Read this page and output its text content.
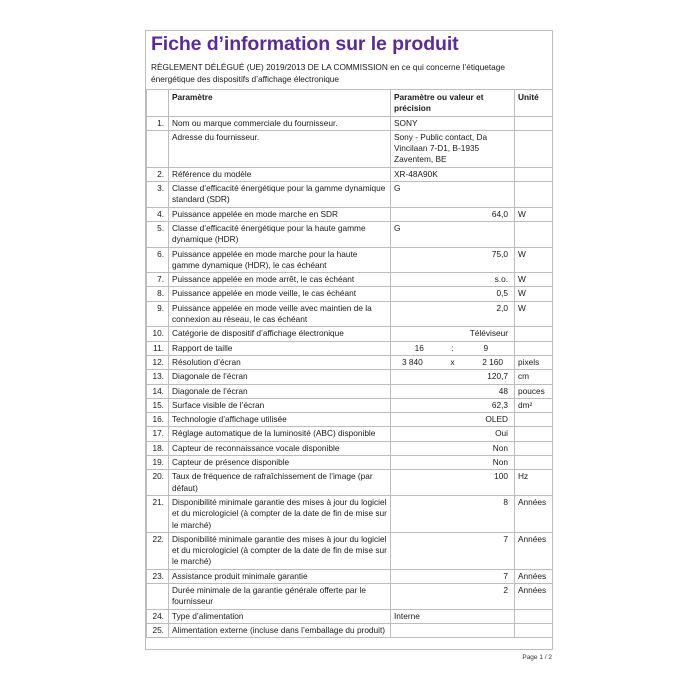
Fiche d’information sur le produit

RÈGLEMENT DÉLÉGUÉ (UE) 2019/2013 DE LA COMMISSION en ce qui concerne l’étiquetage énergétique des dispositifs d’affichage électronique

	Paramètre	Paramètre ou valeur et précision	Unité
1.	Nom ou marque commerciale du fournisseur.	SONY	
	Adresse du fournisseur.	Sony - Public contact, Da Vincilaan 7-D1, B-1935 Zaventem, BE	
2.	Référence du modèle	XR-48A90K	
3.	Classe d’efficacité énergétique pour la gamme dynamique standard (SDR)	G	
4.	Puissance appelée en mode marche en SDR	64,0	W
5.	Classe d’efficacité énergétique pour la haute gamme dynamique (HDR)	G	
6.	Puissance appelée en mode marche pour la haute gamme dynamique (HDR), le cas échéant	75,0	W
7.	Puissance appelée en mode arrêt, le cas échéant	s.o.	W
8.	Puissance appelée en mode veille, le cas échéant	0,5	W
9.	Puissance appelée en mode veille avec maintien de la connexion au réseau, le cas échéant	2,0	W
10.	Catégorie de dispositif d’affichage électronique	Téléviseur	
11.	Rapport de taille	16 : 9	

12.	Résolution d’écran	3 840 x 2 160	pixels
13.	Diagonale de l’écran	120,7	cm
14.	Diagonale de l’écran	48	pouces
15.	Surface visible de l’écran	62,3	dm²
16.	Technologie d’affichage utilisée	OLED	
17.	Réglage automatique de la luminosité (ABC) disponible	Oui	
18.	Capteur de reconnaissance vocale disponible	Non	
19.	Capteur de présence disponible	Non	
20.	Taux de fréquence de rafraîchissement de l’image (par défaut)	100	Hz
21.	Disponibilité minimale garantie des mises à jour du logiciel et du micrologiciel (à compter de la date de fin de mise sur le marché)	8	Années
22.	Disponibilité minimale garantie des mises à jour du logiciel et du micrologiciel (à compter de la date de fin de mise sur le marché)	7	Années
23.	Assistance produit minimale garantie	7	Années
	Durée minimale de la garantie générale offerte par le fournisseur	2	Années
24.	Type d’alimentation	Interne	
25.	Alimentation externe (incluse dans l’emballage du produit)		
Page 1 / 2
